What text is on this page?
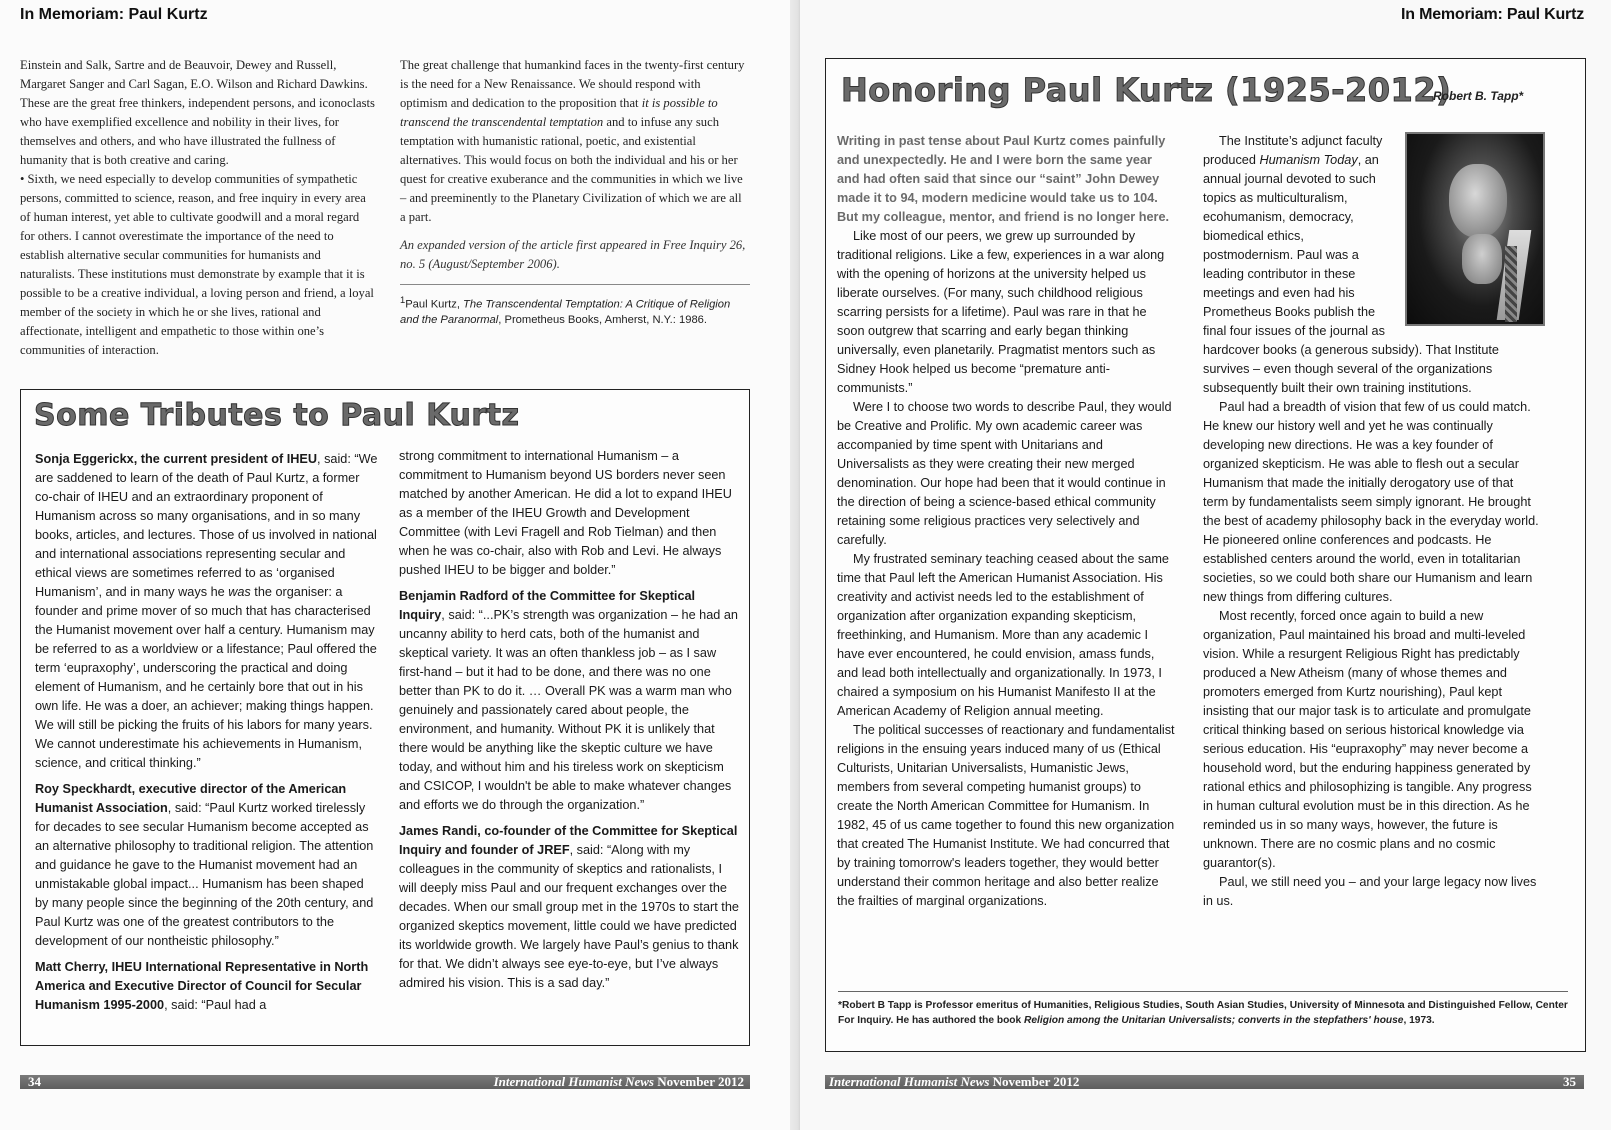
In Memoriam: Paul Kurtz

Einstein and Salk, Sartre and de Beauvoir, Dewey and Russell, Margaret Sanger and Carl Sagan, E.O. Wilson and Richard Dawkins. These are the great free thinkers, independent persons, and iconoclasts who have exemplified excellence and nobility in their lives, for themselves and others, and who have illustrated the fullness of humanity that is both creative and caring.

• Sixth, we need especially to develop communities of sympathetic persons, committed to science, reason, and free inquiry in every area of human interest, yet able to cultivate goodwill and a moral regard for others. I cannot overestimate the importance of the need to establish alternative secular communities for humanists and naturalists. These institutions must demonstrate by example that it is possible to be a creative individual, a loving person and friend, a loyal member of the society in which he or she lives, rational and affectionate, intelligent and empathetic to those within one’s communities of interaction.

The great challenge that humankind faces in the twenty-first century is the need for a New Renaissance. We should respond with optimism and dedication to the proposition that it is possible to transcend the transcendental temptation and to infuse any such temptation with humanistic rational, poetic, and existential alternatives. This would focus on both the individual and his or her quest for creative exuberance and the communities in which we live – and preeminently to the Planetary Civilization of which we are all a part.

An expanded version of the article first appeared in Free Inquiry 26, no. 5 (August/September 2006).

$^1$Paul Kurtz, The Transcendental Temptation: A Critique of Religion and the Paranormal, Prometheus Books, Amherst, N.Y.: 1986.
Some Tributes to Paul Kurtz

Sonja Eggerickx, the current president of IHEU, said: “We are saddened to learn of the death of Paul Kurtz, a former co-chair of IHEU and an extraordinary proponent of Humanism across so many organisations, and in so many books, articles, and lectures. Those of us involved in national and international associations representing secular and ethical views are sometimes referred to as ‘organised Humanism’, and in many ways he was the organiser: a founder and prime mover of so much that has characterised the Humanist movement over half a century. Humanism may be referred to as a worldview or a lifestance; Paul offered the term ‘eupraxophy’, underscoring the practical and doing element of Humanism, and he certainly bore that out in his own life. He was a doer, an achiever; making things happen. We will still be picking the fruits of his labors for many years. We cannot underestimate his achievements in Humanism, science, and critical thinking.”

Roy Speckhardt, executive director of the American Humanist Association, said: “Paul Kurtz worked tirelessly for decades to see secular Humanism become accepted as an alternative philosophy to traditional religion. The attention and guidance he gave to the Humanist movement had an unmistakable global impact... Humanism has been shaped by many people since the beginning of the 20th century, and Paul Kurtz was one of the greatest contributors to the development of our nontheistic philosophy.”

Matt Cherry, IHEU International Representative in North America and Executive Director of Council for Secular Humanism 1995-2000, said: “Paul had a

strong commitment to international Humanism – a commitment to Humanism beyond US borders never seen matched by another American. He did a lot to expand IHEU as a member of the IHEU Growth and Development Committee (with Levi Fragell and Rob Tielman) and then when he was co-chair, also with Rob and Levi. He always pushed IHEU to be bigger and bolder.”

Benjamin Radford of the Committee for Skeptical Inquiry, said: “...PK’s strength was organization – he had an uncanny ability to herd cats, both of the humanist and skeptical variety. It was an often thankless job – as I saw first-hand – but it had to be done, and there was no one better than PK to do it. … Overall PK was a warm man who genuinely and passionately cared about people, the environment, and humanity. Without PK it is unlikely that there would be anything like the skeptic culture we have today, and without him and his tireless work on skepticism and CSICOP, I wouldn't be able to make whatever changes and efforts we do through the organization.”

James Randi, co-founder of the Committee for Skeptical Inquiry and founder of JREF, said: “Along with my colleagues in the community of skeptics and rationalists, I will deeply miss Paul and our frequent exchanges over the decades. When our small group met in the 1970s to start the organized skeptics movement, little could we have predicted its worldwide growth. We largely have Paul’s genius to thank for that. We didn’t always see eye-to-eye, but I’ve always admired his vision. This is a sad day.”

34	International Humanist News November 2012
In Memoriam: Paul Kurtz
Honoring Paul Kurtz (1925-2012)
Robert B. Tapp*

Writing in past tense about Paul Kurtz comes painfully and unexpectedly. He and I were born the same year and had often said that since our “saint” John Dewey made it to 94, modern medicine would take us to 104. But my colleague, mentor, and friend is no longer here.

Like most of our peers, we grew up surrounded by traditional religions. Like a few, experiences in a war along with the opening of horizons at the university helped us liberate ourselves. (For many, such childhood religious scarring persists for a lifetime). Paul was rare in that he soon outgrew that scarring and early began thinking universally, even planetarily. Pragmatist mentors such as Sidney Hook helped us become “premature anti-communists.”

Were I to choose two words to describe Paul, they would be Creative and Prolific. My own academic career was accompanied by time spent with Unitarians and Universalists as they were creating their new merged denomination. Our hope had been that it would continue in the direction of being a science-based ethical community retaining some religious practices very selectively and carefully.

My frustrated seminary teaching ceased about the same time that Paul left the American Humanist Association. His creativity and activist needs led to the establishment of organization after organization expanding skepticism, freethinking, and Humanism. More than any academic I have ever encountered, he could envision, amass funds, and lead both intellectually and organizationally. In 1973, I chaired a symposium on his Humanist Manifesto II at the American Academy of Religion annual meeting.

The political successes of reactionary and fundamentalist religions in the ensuing years induced many of us (Ethical Culturists, Unitarian Universalists, Humanistic Jews, members from several competing humanist groups) to create the North American Committee for Humanism. In 1982, 45 of us came together to found this new organization that created The Humanist Institute. We had concurred that by training tomorrow's leaders together, they would better understand their common heritage and also better realize the frailties of marginal organizations.

The Institute’s adjunct faculty produced Humanism Today, an annual journal devoted to such topics as multiculturalism, ecohumanism, democracy, biomedical ethics, postmodernism. Paul was a leading contributor in these meetings and even had his Prometheus Books publish the final four issues of the journal as hardcover books (a generous subsidy). That Institute survives – even though several of the organizations subsequently built their own training institutions.

Paul had a breadth of vision that few of us could match. He knew our history well and yet he was continually developing new directions. He was a key founder of organized skepticism. He was able to flesh out a secular Humanism that made the initially derogatory use of that term by fundamentalists seem simply ignorant. He brought the best of academy philosophy back in the everyday world. He pioneered online conferences and podcasts. He established centers around the world, even in totalitarian societies, so we could both share our Humanism and learn new things from differing cultures.

Most recently, forced once again to build a new organization, Paul maintained his broad and multi-leveled vision. While a resurgent Religious Right has predictably produced a New Atheism (many of whose themes and promoters emerged from Kurtz nourishing), Paul kept insisting that our major task is to articulate and promulgate critical thinking based on serious historical knowledge via serious education. His “eupraxophy” may never become a household word, but the enduring happiness generated by rational ethics and philosophizing is tangible. Any progress in human cultural evolution must be in this direction. As he reminded us in so many ways, however, the future is unknown. There are no cosmic plans and no cosmic guarantor(s).

Paul, we still need you – and your large legacy now lives in us.

*Robert B Tapp is Professor emeritus of Humanities, Religious Studies, South Asian Studies, University of Minnesota and Distinguished Fellow, Center For Inquiry. He has authored the book Religion among the Unitarian Universalists; converts in the stepfathers' house, 1973.
International Humanist News November 2012	35
